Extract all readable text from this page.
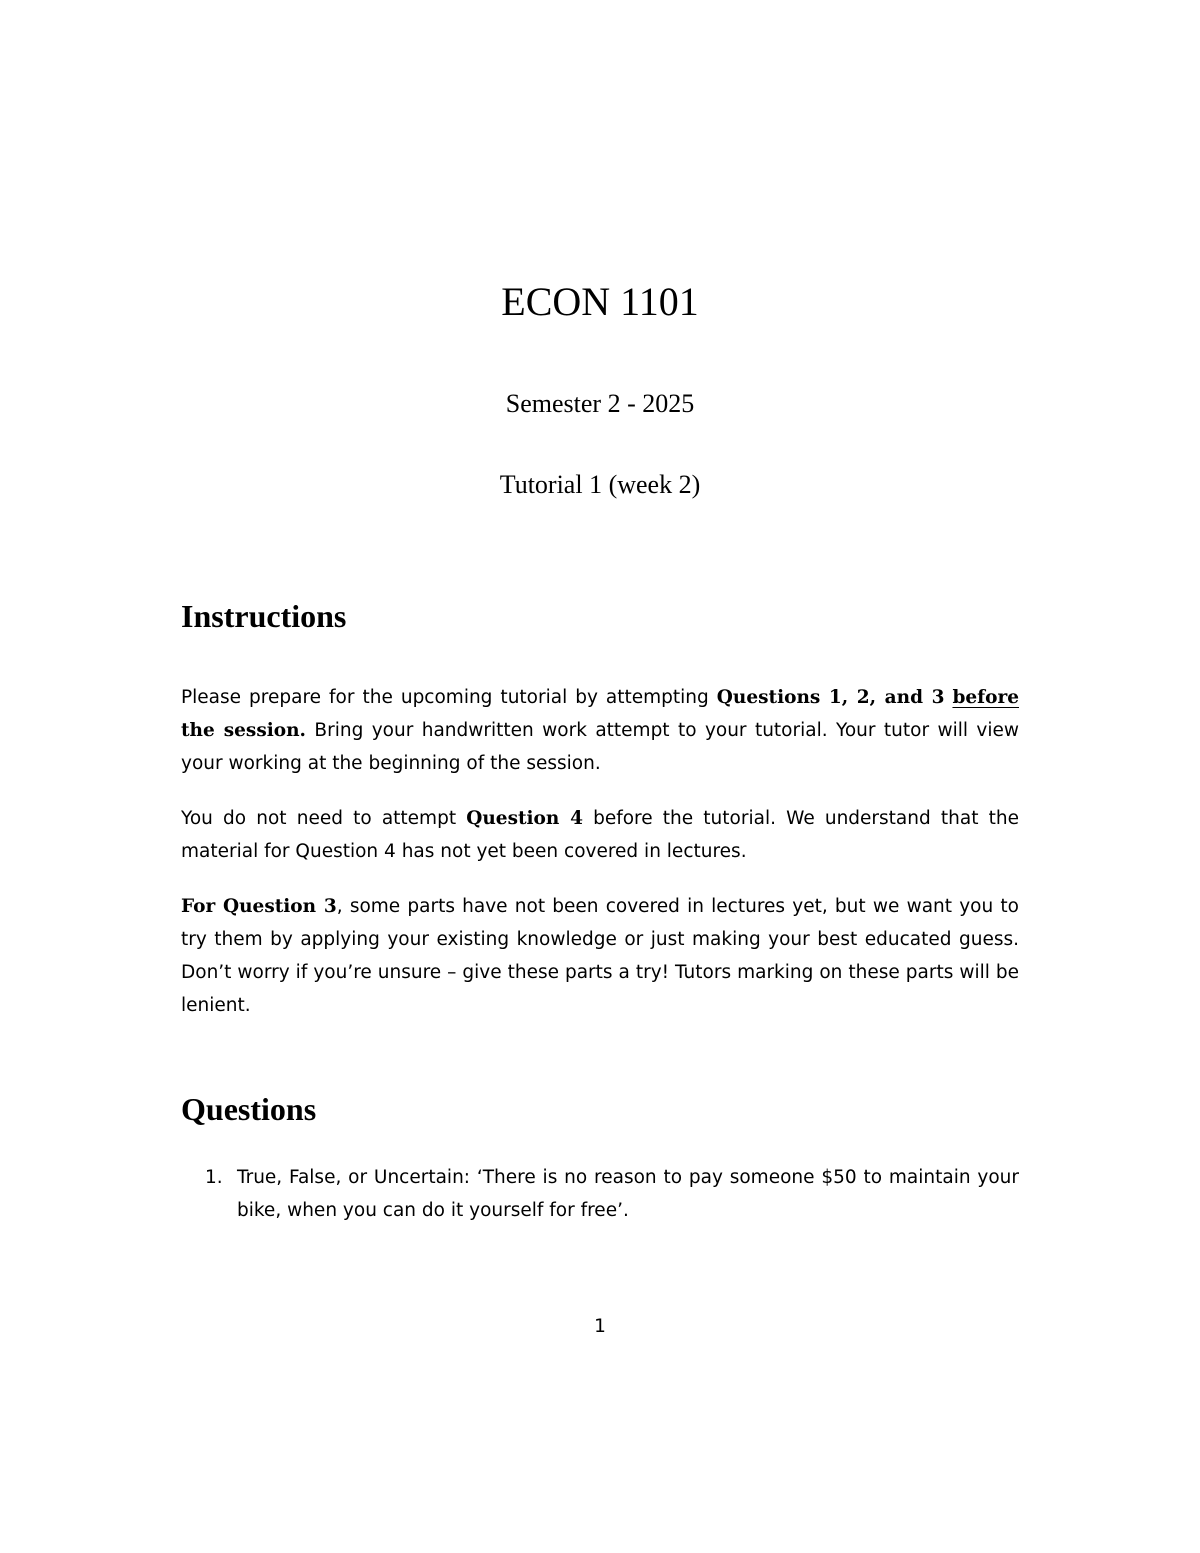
ECON 1101
Semester 2 - 2025
Tutorial 1 (week 2)
Instructions

Please prepare for the upcoming tutorial by attempting Questions 1, 2, and 3 before the session. Bring your handwritten work attempt to your tutorial. Your tutor will view your working at the beginning of the session.

You do not need to attempt Question 4 before the tutorial. We understand that the material for Question 4 has not yet been covered in lectures.

For Question 3, some parts have not been covered in lectures yet, but we want you to try them by applying your existing knowledge or just making your best educated guess. Don’t worry if you’re unsure – give these parts a try! Tutors marking on these parts will be lenient.

Questions
1. True, False, or Uncertain: ‘There is no reason to pay someone $50 to maintain your bike, when you can do it yourself for free’.
1
